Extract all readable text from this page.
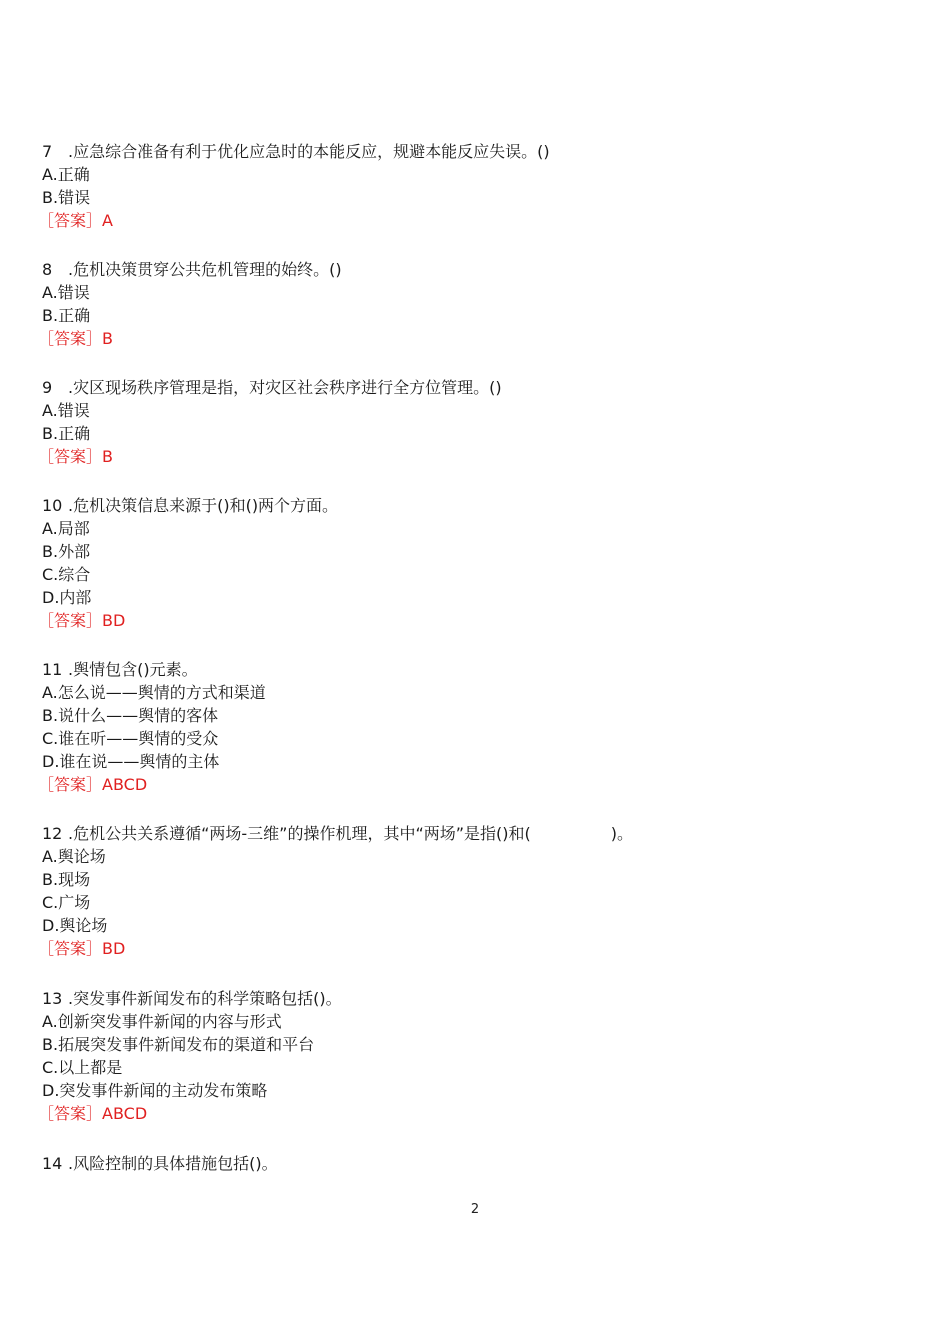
7 .应急综合准备有利于优化应急时的本能反应，规避本能反应失误。()
A.正确
B.错误
［答案］A
8 .危机决策贯穿公共危机管理的始终。()
A.错误
B.正确
［答案］B
9 .灾区现场秩序管理是指，对灾区社会秩序进行全方位管理。()
A.错误
B.正确
［答案］B
10 .危机决策信息来源于()和()两个方面。
A.局部
B.外部
C.综合
D.内部
［答案］BD
11 .舆情包含()元素。
A.怎么说——舆情的方式和渠道
B.说什么——舆情的客体
C.谁在听——舆情的受众
D.谁在说——舆情的主体
［答案］ABCD
12 .危机公共关系遵循“两场-三维”的操作机理，其中“两场”是指()和(　　　　　)。
A.舆论场
B.现场
C.广场
D.舆论场
［答案］BD
13 .突发事件新闻发布的科学策略包括()。
A.创新突发事件新闻的内容与形式
B.拓展突发事件新闻发布的渠道和平台
C.以上都是
D.突发事件新闻的主动发布策略
［答案］ABCD
14 .风险控制的具体措施包括()。
2
